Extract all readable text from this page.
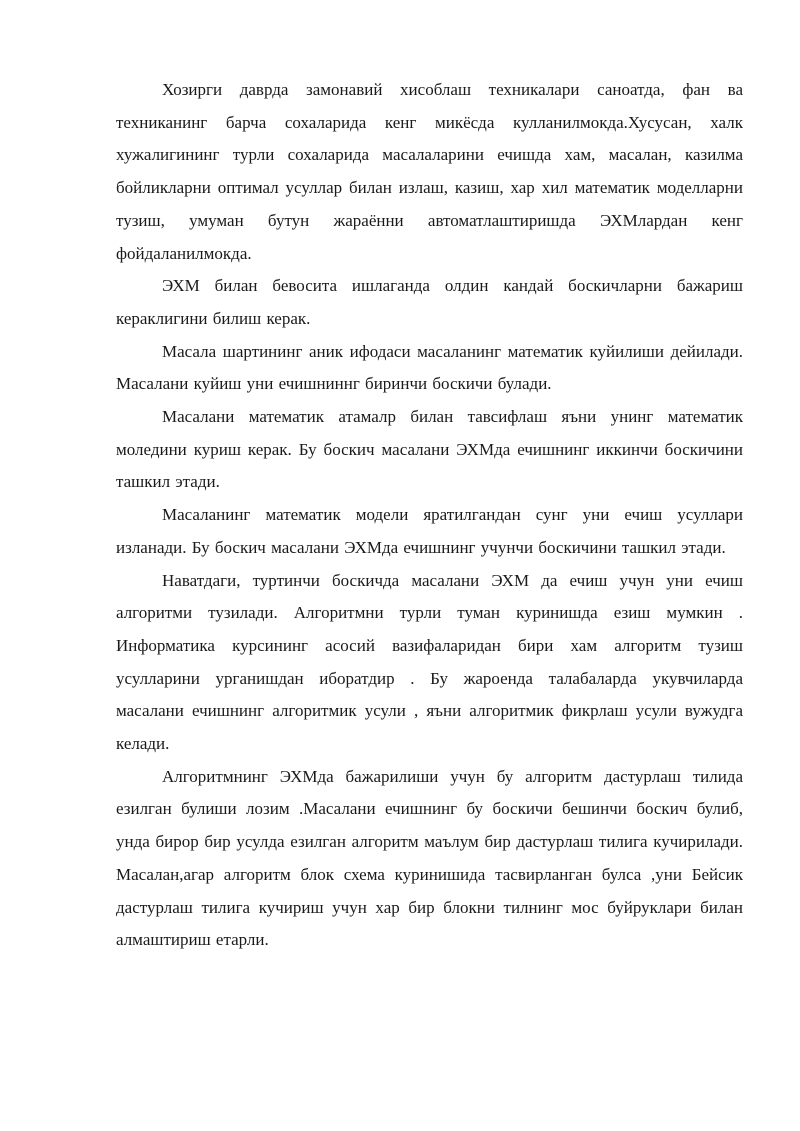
Хозирги даврда замонавий хисоблаш техникалари саноатда, фан ва техниканинг барча сохаларида кенг микёсда кулланилмокда.Хусусан, халк хужалигининг турли сохаларида масалаларини ечишда хам, масалан, казилма бойликларни оптимал усуллар билан излаш, казиш, хар хил математик моделларни тузиш, умуман бутун жараённи автоматлаштиришда ЭХМлардан кенг фойдаланилмокда.

ЭХМ билан бевосита ишлаганда олдин кандай боскичларни бажариш кераклигини билиш керак.

Масала шартининг аник ифодаси масаланинг математик куйилиши дейилади. Масалани куйиш уни ечишниннг биринчи боскичи булади.

Масалани математик атамалр билан тавсифлаш яъни унинг математик моледини куриш керак. Бу боскич масалани ЭХМда ечишнинг иккинчи боскичини ташкил этади.

Масаланинг математик модели яратилгандан сунг уни ечиш усуллари изланади. Бу боскич масалани ЭХМда ечишнинг учунчи боскичини ташкил этади.

Наватдаги, туртинчи боскичда масалани ЭХМ да ечиш учун уни ечиш алгоритми тузилади. Алгоритмни турли туман куринишда езиш мумкин . Информатика курсининг асосий вазифаларидан бири хам алгоритм тузиш усулларини урганишдан иборатдир . Бу жароенда талабаларда укувчиларда масалани ечишнинг алгоритмик усули , яъни алгоритмик фикрлаш усули вужудга келади.

Алгоритмнинг ЭХМда бажарилиши учун бу алгоритм дастурлаш тилида езилган булиши лозим .Масалани ечишнинг бу боскичи бешинчи боскич булиб, унда бирор бир усулда езилган алгоритм маълум бир дастурлаш тилига кучирилади. Масалан,агар алгоритм блок схема куринишида тасвирланган булса ,уни Бейсик дастурлаш тилига кучириш учун хар бир блокни тилнинг мос буйруклари билан алмаштириш етарли.
